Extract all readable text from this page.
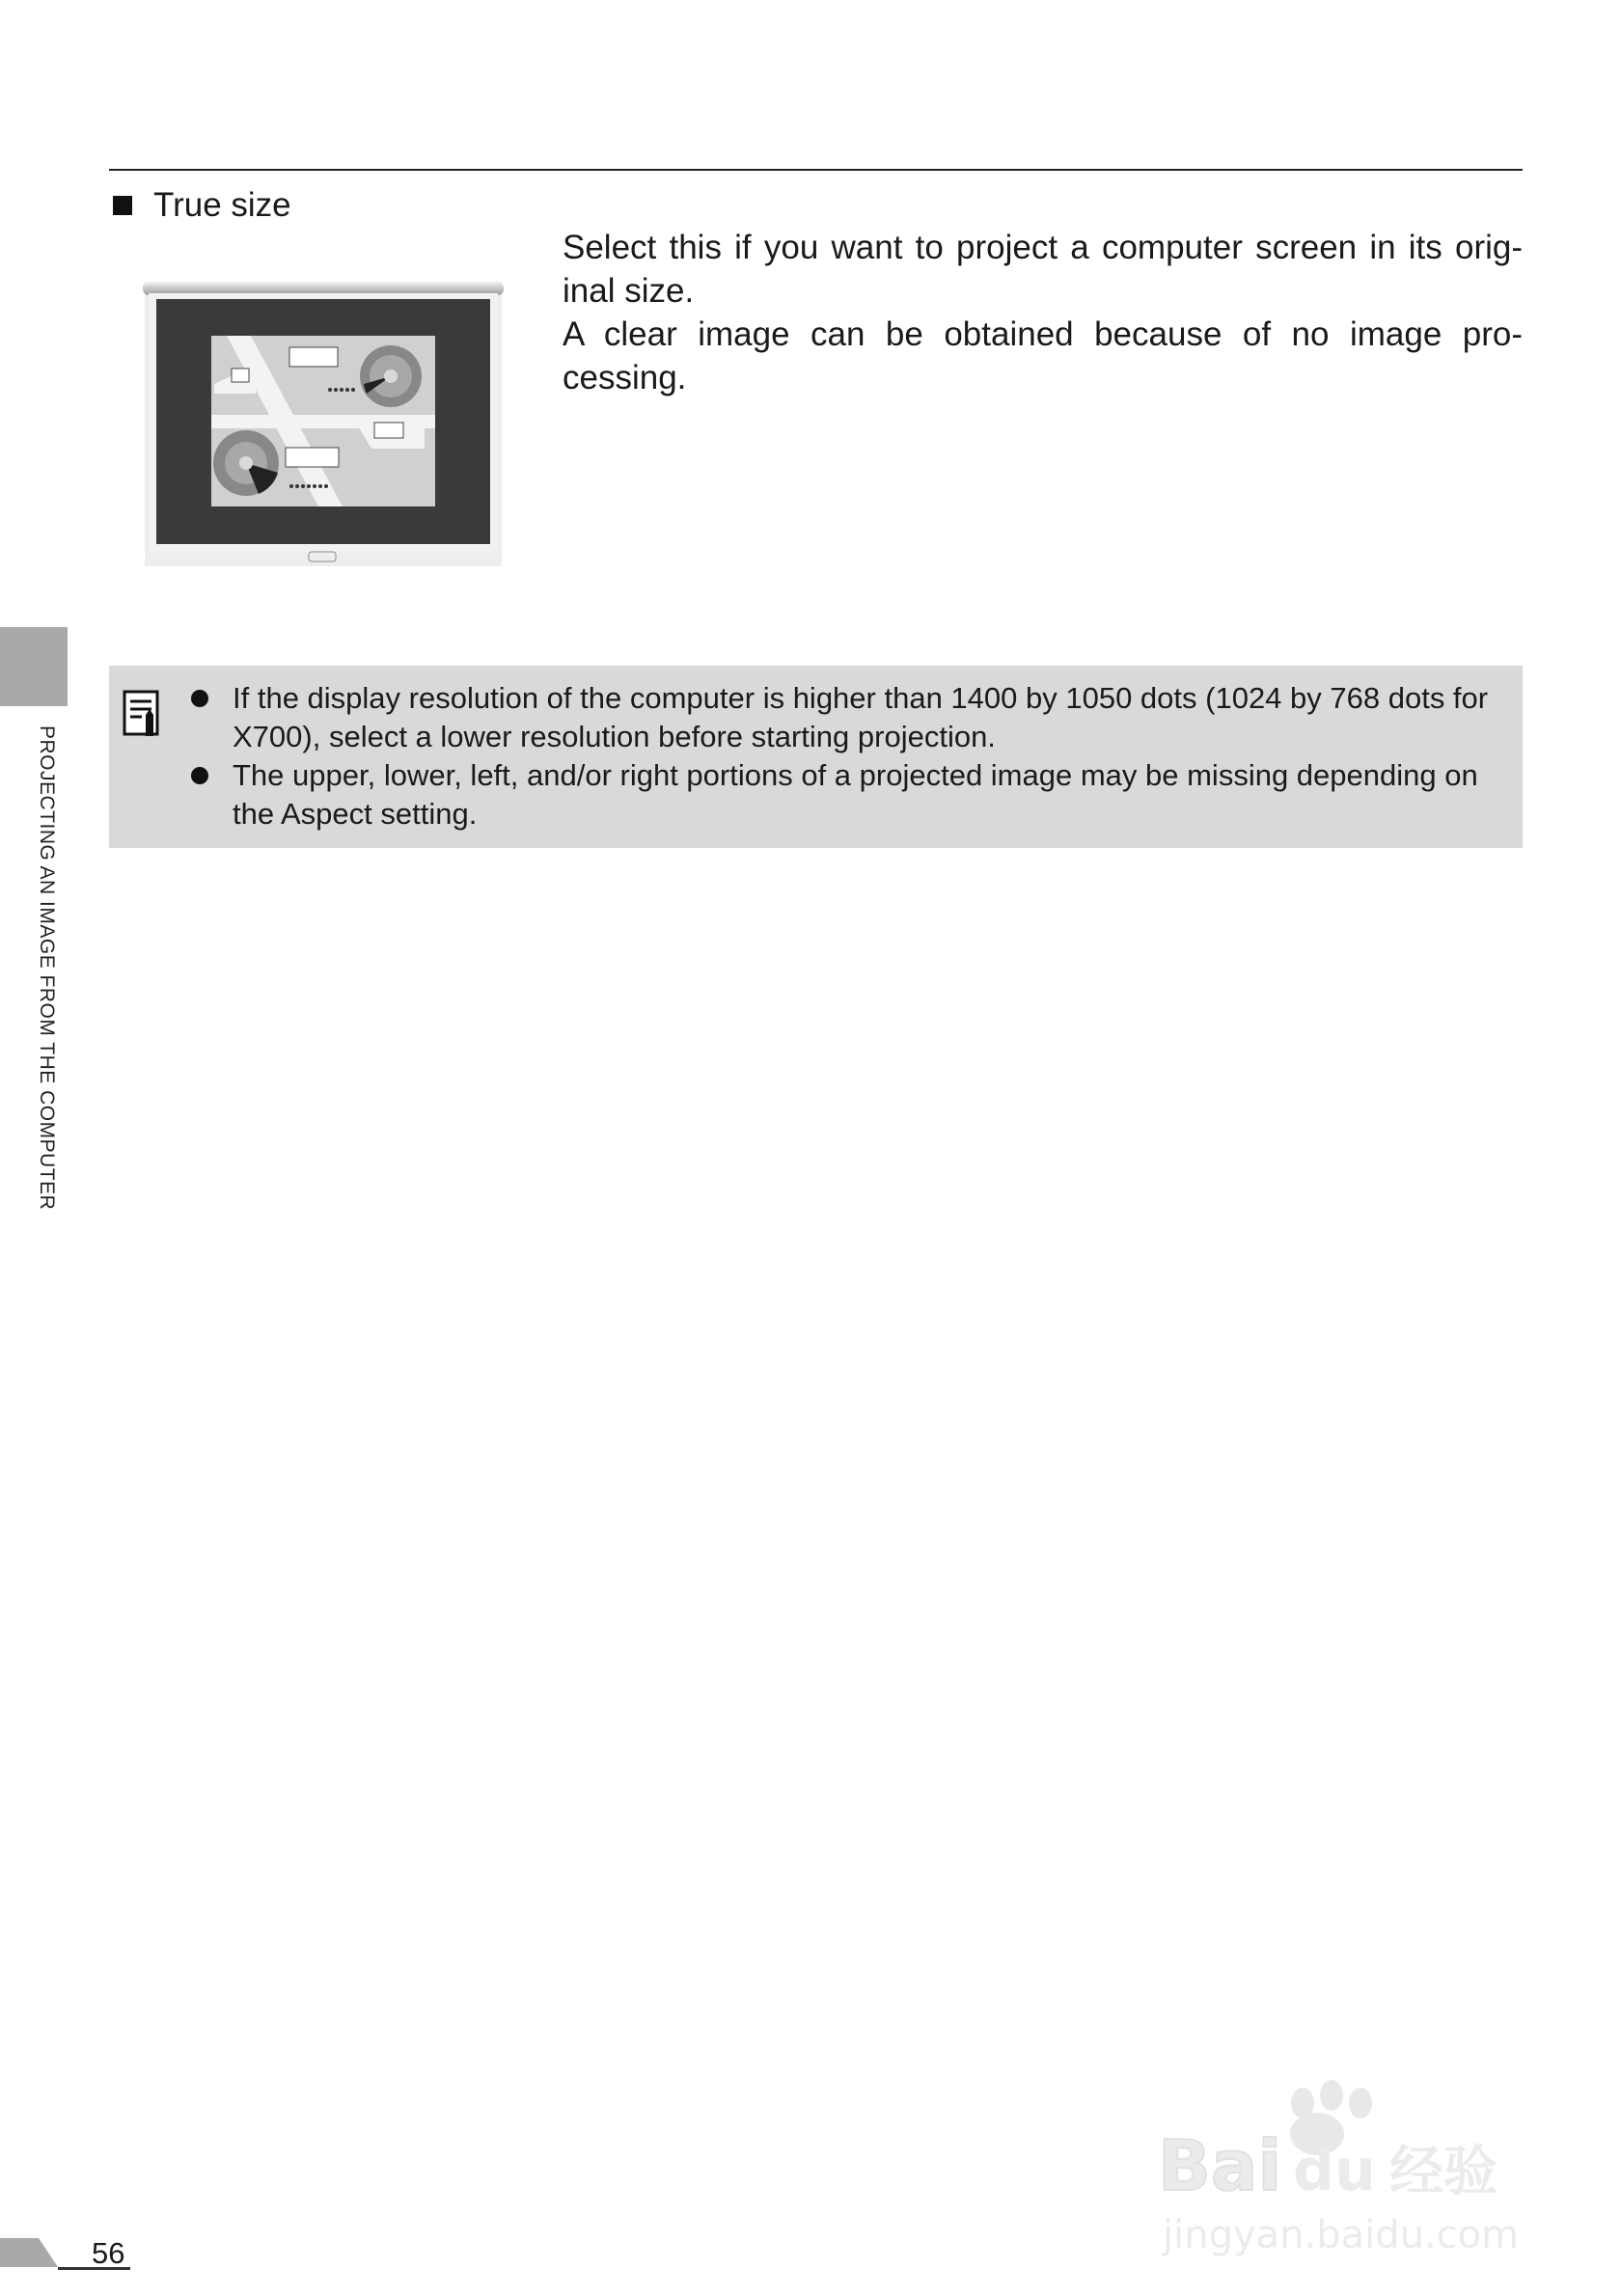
True size

Select this if you want to project a computer screen in its orig-inal size.

A clear image can be obtained because of no image pro-cessing.

PROJECTING AN IMAGE FROM THE COMPUTER
If the display resolution of the computer is higher than 1400 by 1050 dots (1024 by 768 dots for X700), select a lower resolution before starting projection.
The upper, lower, left, and/or right portions of a projected image may be missing depending on the Aspect setting.
Bai du 经验
jingyan.baidu.com
56
